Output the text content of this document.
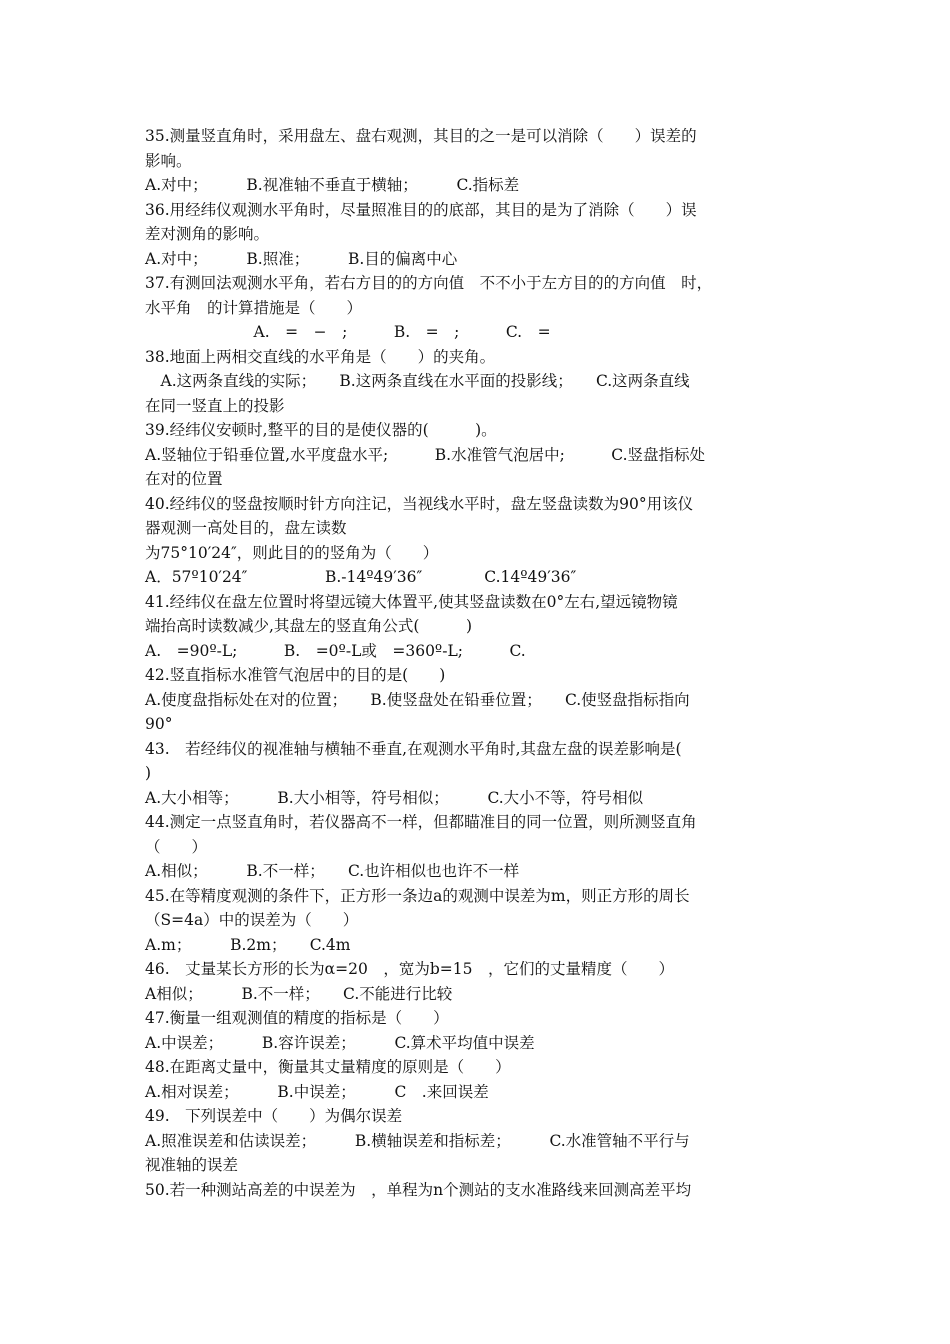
35.测量竖直角时，采用盘左、盘右观测，其目的之一是可以消除（　　）误差的
影响。
A.对中；　　　B.视准轴不垂直于横轴；　　　C.指标差
36.用经纬仪观测水平角时，尽量照准目的的底部，其目的是为了消除（　　）误
差对测角的影响。
A.对中；　　　B.照准；　　　B.目的偏离中心
37.有测回法观测水平角，若右方目的的方向值　不不小于左方目的的方向值　时，
水平角　的计算措施是（　　）
　　　　　　　A.　=　−　;　　　B.　=　;　　　C.　=
38.地面上两相交直线的水平角是（　　）的夹角。
　A.这两条直线的实际；　　B.这两条直线在水平面的投影线；　　C.这两条直线
在同一竖直上的投影
39.经纬仪安顿时,整平的目的是使仪器的(　　　)。
A.竖轴位于铅垂位置,水平度盘水平;　　　B.水准管气泡居中;　　　C.竖盘指标处
在对的位置
40.经纬仪的竖盘按顺时针方向注记，当视线水平时，盘左竖盘读数为90°用该仪
器观测一高处目的，盘左读数
为75°10′24″，则此目的的竖角为（　　）
A．57º10′24″　　　　　B.-14º49′36″　　　　C.14º49′36″
41.经纬仪在盘左位置时将望远镜大体置平,使其竖盘读数在0°左右,望远镜物镜
端抬高时读数减少,其盘左的竖直角公式(　　　)
A.　=90º-L;　　　B.　=0º-L或　=360º-L;　　　C.
42.竖直指标水准管气泡居中的目的是(　　)
A.使度盘指标处在对的位置；　　B.使竖盘处在铅垂位置；　　C.使竖盘指标指向
90°
43.　若经纬仪的视准轴与横轴不垂直,在观测水平角时,其盘左盘的误差影响是(
)
A.大小相等；　　　B.大小相等，符号相似；　　　C.大小不等，符号相似
44.测定一点竖直角时，若仪器高不一样，但都瞄准目的同一位置，则所测竖直角
（　　）
A.相似；　　　B.不一样；　　C.也许相似也也许不一样
45.在等精度观测的条件下，正方形一条边a的观测中误差为m，则正方形的周长
（S=4a）中的误差为（　　）
A.m；　　　B.2m；　　C.4m
46.　丈量某长方形的长为α=20　，宽为b=15　，它们的丈量精度（　　）
A相似；　　　B.不一样；　　C.不能进行比较
47.衡量一组观测值的精度的指标是（　　）
A.中误差；　　　B.容许误差；　　　C.算术平均值中误差
48.在距离丈量中，衡量其丈量精度的原则是（　　）
A.相对误差；　　　B.中误差；　　　C　.来回误差
49.　下列误差中（　　）为偶尔误差
A.照准误差和估读误差；　　　B.横轴误差和指标差；　　　C.水准管轴不平行与
视准轴的误差
50.若一种测站高差的中误差为　，单程为n个测站的支水准路线来回测高差平均
